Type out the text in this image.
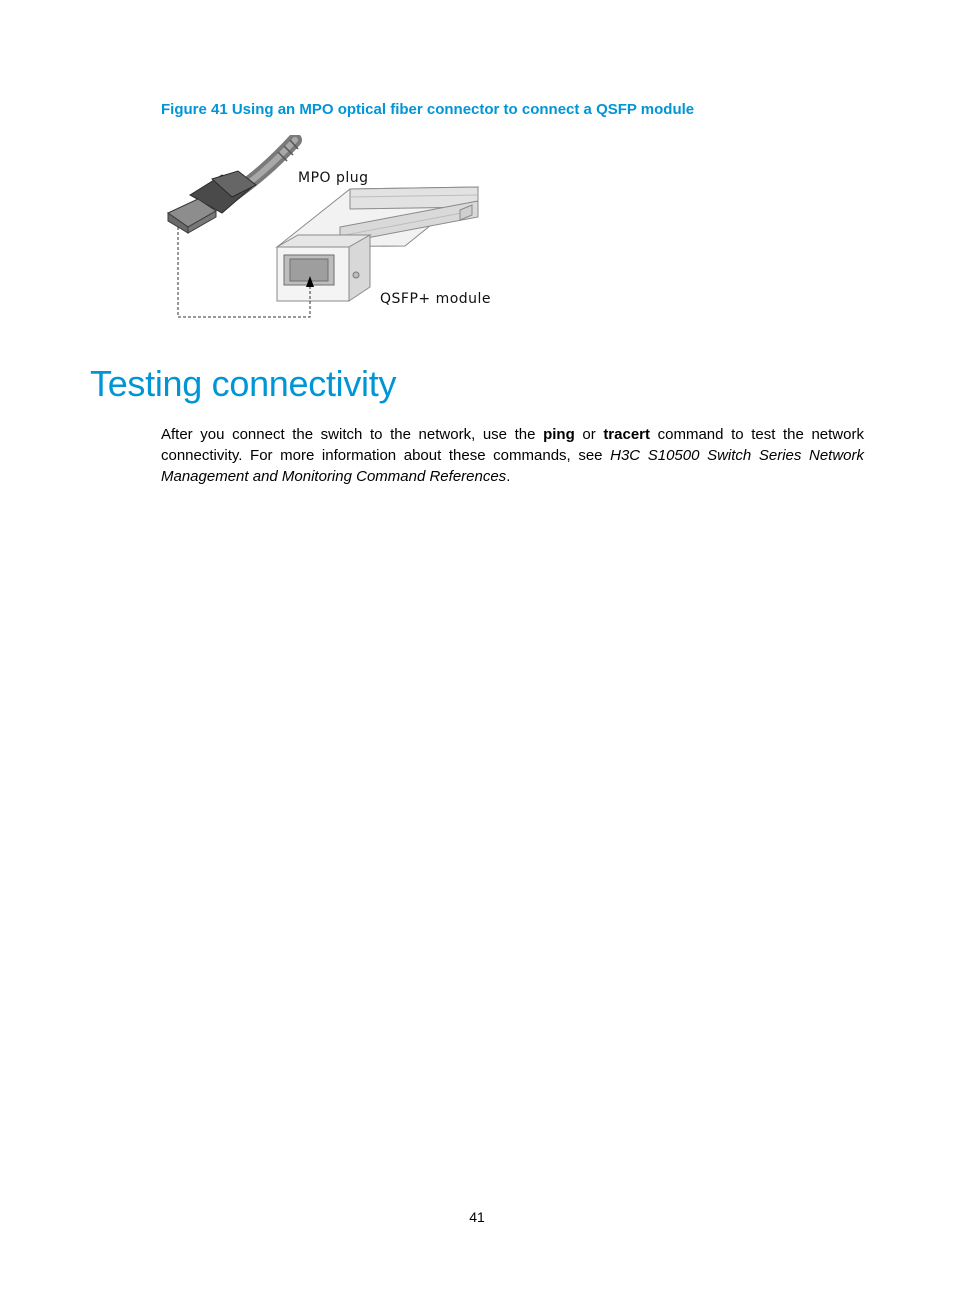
Figure 41 Using an MPO optical fiber connector to connect a QSFP module
MPO plug
QSFP+ module
Testing connectivity

After you connect the switch to the network, use the ping or tracert command to test the network connectivity. For more information about these commands, see H3C S10500 Switch Series Network Management and Monitoring Command References.

41
